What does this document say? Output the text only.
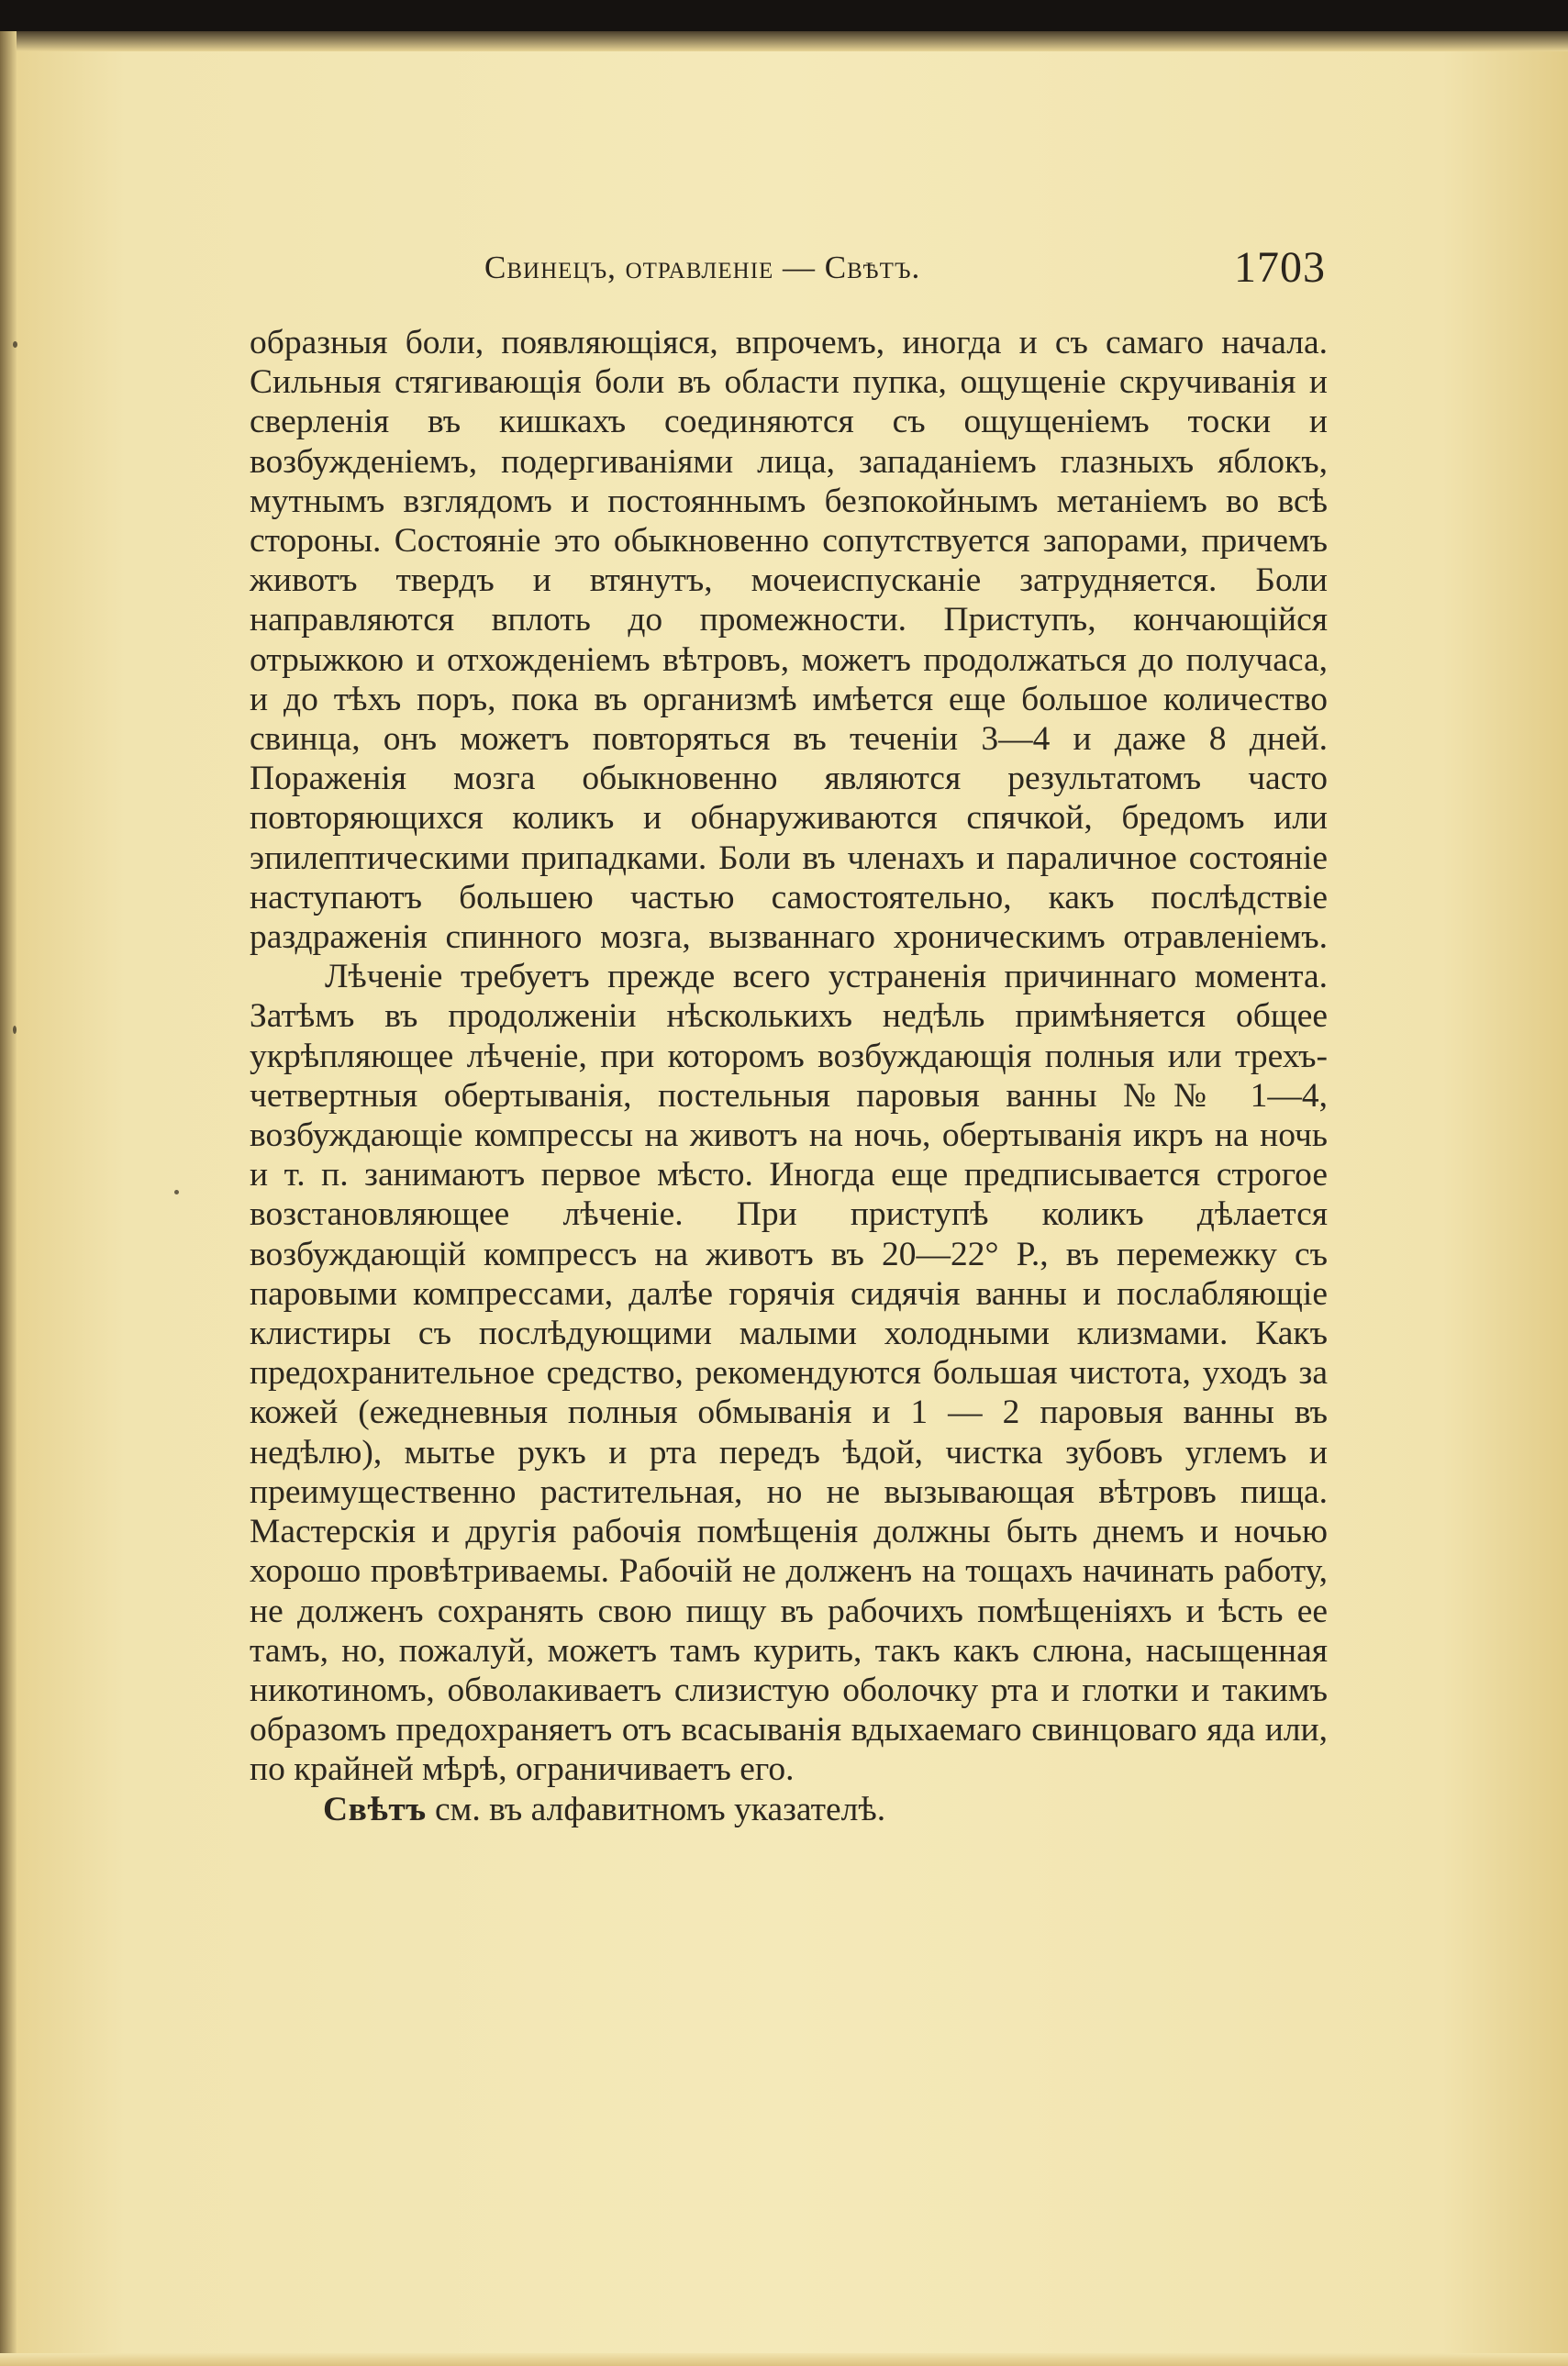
Свинецъ, отравленіе — Свѣтъ.	1703

образныя боли, появляющіяся, впрочемъ, иногда и съ самаго начала. Сильныя стягивающія боли въ области пупка, ощущеніе скручиванія и сверленія въ кишкахъ соединяются съ ощущеніемъ тоски и возбужденіемъ, подергиваніями лица, западаніемъ глазныхъ яблокъ, мутнымъ взглядомъ и постояннымъ безпокойнымъ метаніемъ во всѣ стороны. Состояніе это обыкновенно сопутствуется запорами, причемъ животъ твердъ и втянутъ, мочеиспусканіе затрудняется. Боли направляются вплоть до промежности. Приступъ, кончающійся отрыжкою и отхожденіемъ вѣтровъ, можетъ продолжаться до получаса, и до тѣхъ поръ, пока въ организмѣ имѣется еще большое количество свинца, онъ можетъ повторяться въ теченіи 3—4 и даже 8 дней. Пораженія мозга обыкновенно являются результатомъ часто повторяющихся коликъ и обнаруживаются спячкой, бредомъ или эпилептическими припадками. Боли въ членахъ и параличное состояніе наступаютъ большею частью самостоятельно, какъ послѣдствіе раздраженія спинного мозга, вызваннаго хроническимъ отравленіемъ.

Лѣченіе требуетъ прежде всего устраненія причиннаго момента. Затѣмъ въ продолженіи нѣсколькихъ недѣль примѣняется общее укрѣпляющее лѣченіе, при которомъ возбуждающія полныя или трехъ-четвертныя обертыванія, постельныя паровыя ванны №№ 1—4, возбуждающіе компрессы на животъ на ночь, обертыванія икръ на ночь и т. п. занимаютъ первое мѣсто. Иногда еще предписывается строгое возстановляющее лѣченіе. При приступѣ коликъ дѣлается возбуждающій компрессъ на животъ въ 20—22° Р., въ перемежку съ паровыми компрессами, далѣе горячія сидячія ванны и послабляющіе клистиры съ послѣдующими малыми холодными клизмами. Какъ предохранительное средство, рекомендуются большая чистота, уходъ за кожей (ежедневныя полныя обмыванія и 1 — 2 паровыя ванны въ недѣлю), мытье рукъ и рта передъ ѣдой, чистка зубовъ углемъ и преимущественно растительная, но не вызывающая вѣтровъ пища. Мастерскія и другія рабочія помѣщенія должны быть днемъ и ночью хорошо провѣтриваемы. Рабочій не долженъ на тощахъ начинать работу, не долженъ сохранять свою пищу въ рабочихъ помѣщеніяхъ и ѣсть ее тамъ, но, пожалуй, можетъ тамъ курить, такъ какъ слюна, насыщенная никотиномъ, обволакиваетъ слизистую оболочку рта и глотки и такимъ образомъ предохраняетъ отъ всасыванія вдыхаемаго свинцоваго яда или, по крайней мѣрѣ, ограничиваетъ его.

Свѣтъ см. въ алфавитномъ указателѣ.
